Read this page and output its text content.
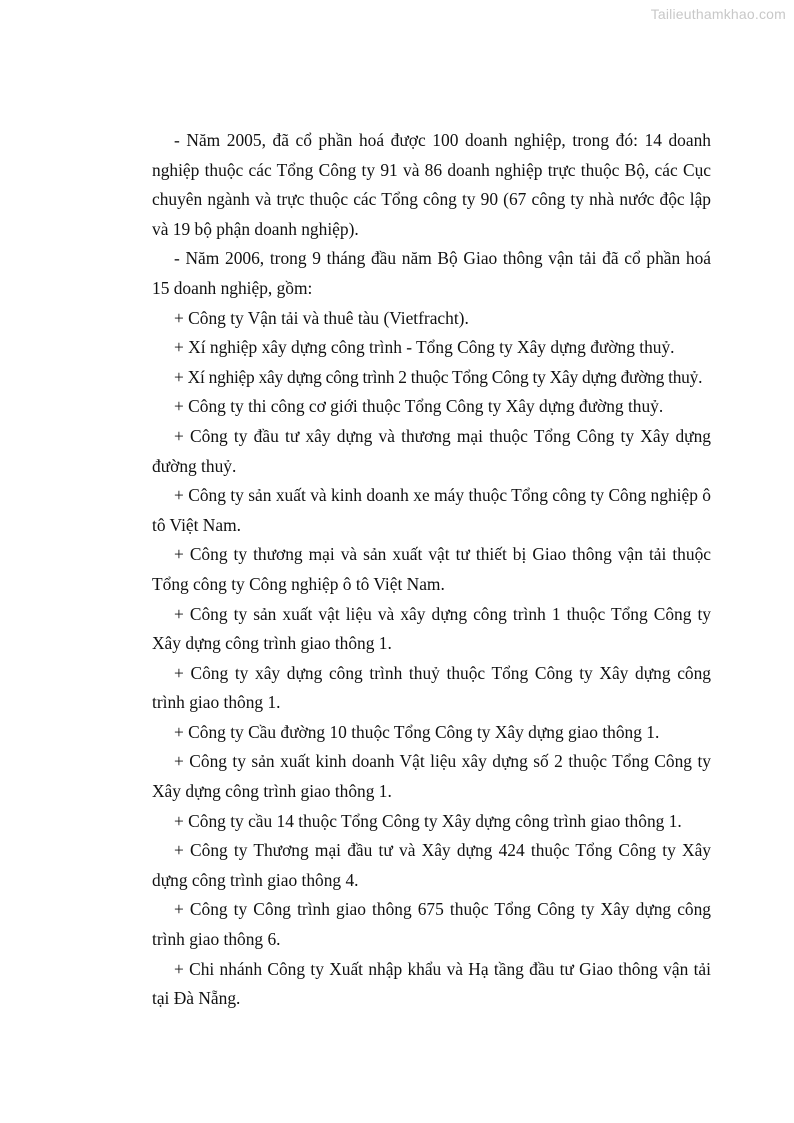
Tailieuthamkhao.com

- Năm 2005, đã cổ phần hoá được 100 doanh nghiệp, trong đó: 14 doanh nghiệp thuộc các Tổng Công ty 91 và 86 doanh nghiệp trực thuộc Bộ, các Cục chuyên ngành và trực thuộc các Tổng công ty 90 (67 công ty nhà nước độc lập và 19 bộ phận doanh nghiệp).

- Năm 2006, trong 9 tháng đầu năm Bộ Giao thông vận tải đã cổ phần hoá 15 doanh nghiệp, gồm:

+ Công ty Vận tải và thuê tàu (Vietfracht).

+ Xí nghiệp xây dựng công trình - Tổng Công ty Xây dựng đường thuỷ.

+ Xí nghiệp xây dựng công trình 2 thuộc Tổng Công ty Xây dựng đường thuỷ.

+ Công ty thi công cơ giới thuộc Tổng Công ty Xây dựng đường thuỷ.

+ Công ty đầu tư xây dựng và thương mại thuộc Tổng Công ty Xây dựng đường thuỷ.

+ Công ty sản xuất và kinh doanh xe máy thuộc Tổng công ty Công nghiệp ô tô Việt Nam.

+ Công ty thương mại và sản xuất vật tư thiết bị Giao thông vận tải thuộc Tổng công ty Công nghiệp ô tô Việt Nam.

+ Công ty sản xuất vật liệu và xây dựng công trình 1 thuộc Tổng Công ty Xây dựng công trình giao thông 1.

+ Công ty xây dựng công trình thuỷ thuộc Tổng Công ty Xây dựng công trình giao thông 1.

+ Công ty Cầu đường 10 thuộc Tổng Công ty Xây dựng giao thông 1.

+ Công ty sản xuất kinh doanh Vật liệu xây dựng số 2 thuộc Tổng Công ty Xây dựng công trình giao thông 1.

+ Công ty cầu 14 thuộc Tổng Công ty Xây dựng công trình giao thông 1.

+ Công ty Thương mại đầu tư và Xây dựng 424 thuộc Tổng Công ty Xây dựng công trình giao thông 4.

+ Công ty Công trình giao thông 675 thuộc Tổng Công ty Xây dựng công trình giao thông 6.

+ Chi nhánh Công ty Xuất nhập khẩu và Hạ tầng đầu tư Giao thông vận tải tại Đà Nẵng.
